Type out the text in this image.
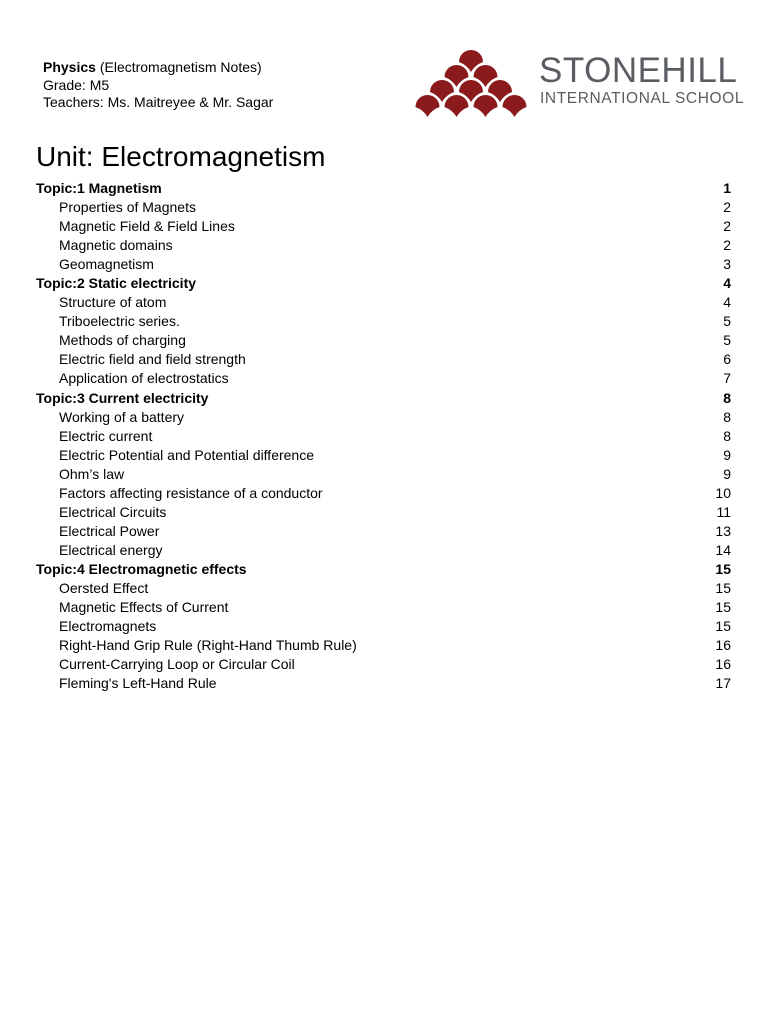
Physics (Electromagnetism Notes)
Grade: M5
Teachers: Ms. Maitreyee & Mr. Sagar
STONEHILL
INTERNATIONAL SCHOOL
Unit: Electromagnetism
Topic:1 Magnetism	1
Properties of Magnets	2
Magnetic Field & Field Lines	2
Magnetic domains	2
Geomagnetism	3
Topic:2 Static electricity	4
Structure of atom	4
Triboelectric series.	5
Methods of charging	5
Electric field and field strength	6
Application of electrostatics	7
Topic:3 Current electricity	8
Working of a battery	8
Electric current	8
Electric Potential and Potential difference	9
Ohm’s law	9
Factors affecting resistance of a conductor	10
Electrical Circuits	11
Electrical Power	13
Electrical energy	14
Topic:4 Electromagnetic effects	15
Oersted Effect	15
Magnetic Effects of Current	15
Electromagnets	15
Right-Hand Grip Rule (Right-Hand Thumb Rule)	16
Current-Carrying Loop or Circular Coil	16
Fleming's Left-Hand Rule	17
